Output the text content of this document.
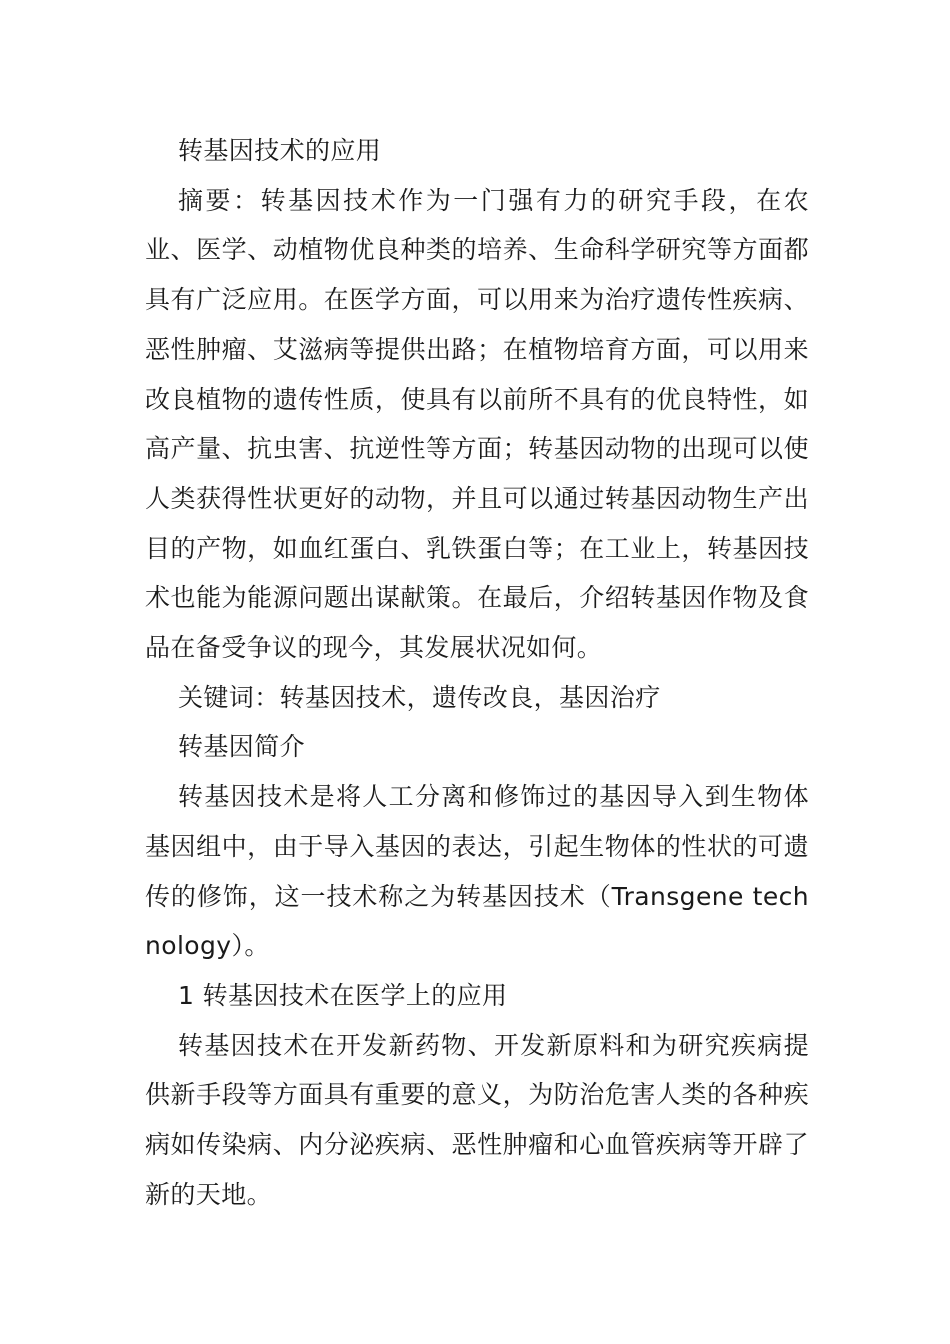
转基因技术的应用

摘要：转基因技术作为一门强有力的研究手段，在农业、医学、动植物优良种类的培养、生命科学研究等方面都具有广泛应用。在医学方面，可以用来为治疗遗传性疾病、恶性肿瘤、艾滋病等提供出路；在植物培育方面，可以用来改良植物的遗传性质，使具有以前所不具有的优良特性，如高产量、抗虫害、抗逆性等方面；转基因动物的出现可以使人类获得性状更好的动物，并且可以通过转基因动物生产出目的产物，如血红蛋白、乳铁蛋白等；在工业上，转基因技术也能为能源问题出谋献策。在最后，介绍转基因作物及食品在备受争议的现今，其发展状况如何。

关键词：转基因技术，遗传改良，基因治疗

转基因简介

转基因技术是将人工分离和修饰过的基因导入到生物体基因组中，由于导入基因的表达，引起生物体的性状的可遗传的修饰，这一技术称之为转基因技术（Transgene technology）。

1 转基因技术在医学上的应用

转基因技术在开发新药物、开发新原料和为研究疾病提供新手段等方面具有重要的意义，为防治危害人类的各种疾病如传染病、内分泌疾病、恶性肿瘤和心血管疾病等开辟了新的天地。
